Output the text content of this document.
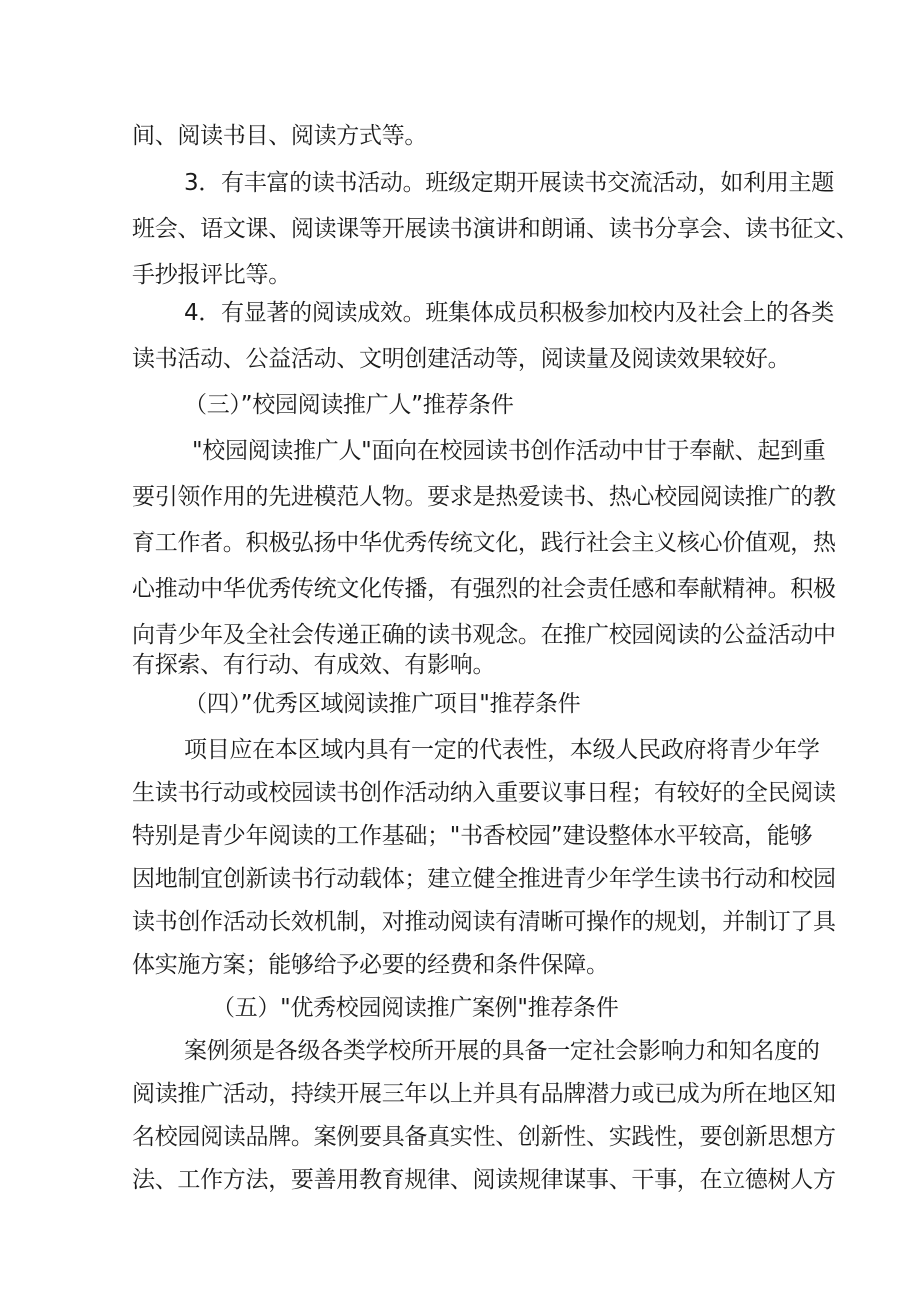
间、阅读书目、阅读方式等。
3．有丰富的读书活动。班级定期开展读书交流活动，如利用主题
班会、语文课、阅读课等开展读书演讲和朗诵、读书分享会、读书征文、
手抄报评比等。
4．有显著的阅读成效。班集体成员积极参加校内及社会上的各类
读书活动、公益活动、文明创建活动等，阅读量及阅读效果较好。
（三）”校园阅读推广人”推荐条件
"校园阅读推广人"面向在校园读书创作活动中甘于奉献、起到重
要引领作用的先进模范人物。要求是热爱读书、热心校园阅读推广的教
育工作者。积极弘扬中华优秀传统文化，践行社会主义核心价值观，热
心推动中华优秀传统文化传播，有强烈的社会责任感和奉献精神。积极
向青少年及全社会传递正确的读书观念。在推广校园阅读的公益活动中
有探索、有行动、有成效、有影响。
（四）”优秀区域阅读推广项目"推荐条件
项目应在本区域内具有一定的代表性，本级人民政府将青少年学
生读书行动或校园读书创作活动纳入重要议事日程；有较好的全民阅读
特别是青少年阅读的工作基础；"书香校园”建设整体水平较高，能够
因地制宜创新读书行动载体；建立健全推进青少年学生读书行动和校园
读书创作活动长效机制，对推动阅读有清晰可操作的规划，并制订了具
体实施方案；能够给予必要的经费和条件保障。
（五）"优秀校园阅读推广案例"推荐条件
案例须是各级各类学校所开展的具备一定社会影响力和知名度的
阅读推广活动，持续开展三年以上并具有品牌潜力或已成为所在地区知
名校园阅读品牌。案例要具备真实性、创新性、实践性，要创新思想方
法、工作方法，要善用教育规律、阅读规律谋事、干事，在立德树人方
